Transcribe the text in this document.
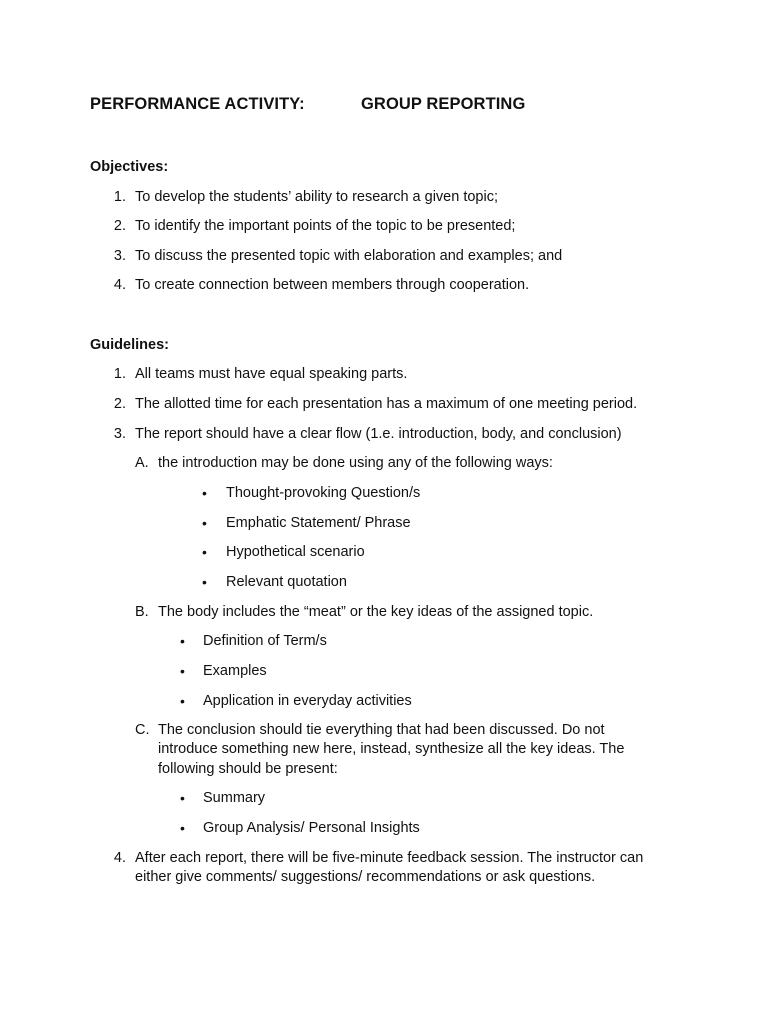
PERFORMANCE ACTIVITY:	GROUP REPORTING
Objectives:
1. To develop the students’ ability to research a given topic;
2. To identify the important points of the topic to be presented;
3. To discuss the presented topic with elaboration and examples; and
4. To create connection between members through cooperation.
Guidelines:
1. All teams must have equal speaking parts.
2. The allotted time for each presentation has a maximum of one meeting period.
3. The report should have a clear flow (1.e. introduction, body, and conclusion)
A. the introduction may be done using any of the following ways:
• Thought-provoking Question/s
• Emphatic Statement/ Phrase
• Hypothetical scenario
• Relevant quotation
B. The body includes the “meat” or the key ideas of the assigned topic.
• Definition of Term/s
• Examples
• Application in everyday activities
C. The conclusion should tie everything that had been discussed. Do not
introduce something new here, instead, synthesize all the key ideas. The
following should be present:
• Summary
• Group Analysis/ Personal Insights
4. After each report, there will be five-minute feedback session. The instructor can
either give comments/ suggestions/ recommendations or ask questions.
